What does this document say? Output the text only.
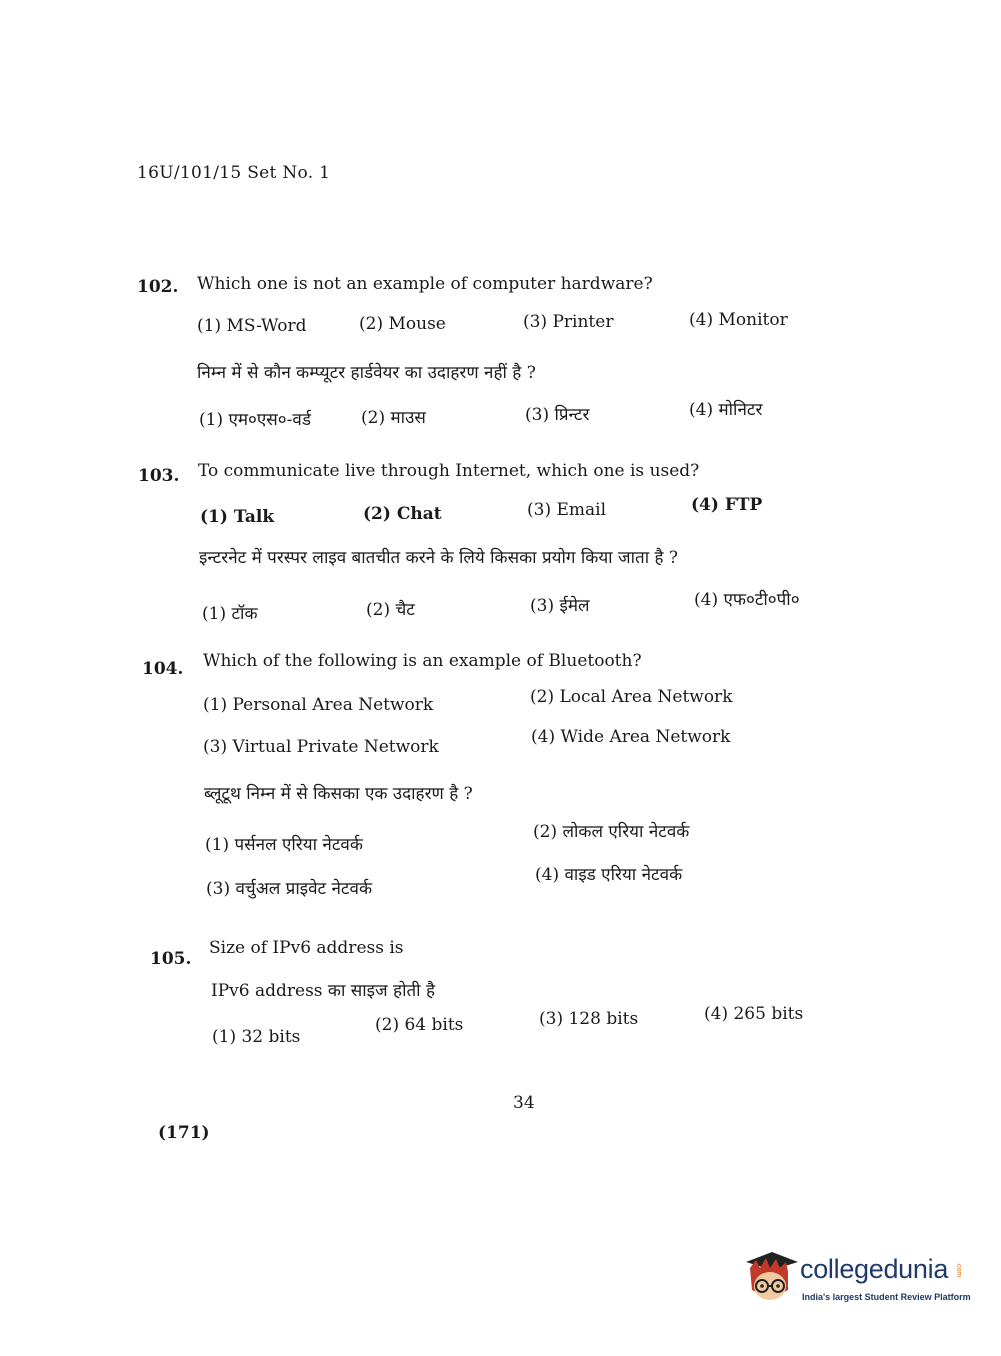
16U/101/15 Set No. 1
102. Which one is not an example of computer hardware?
(1) MS-Word	(2) Mouse	(3) Printer	(4) Monitor
निम्न में से कौन कम्प्यूटर हार्डवेयर का उदाहरण नहीं है ?
(1) एम०एस०-वर्ड	(2) माउस	(3) प्रिन्टर	(4) मोनिटर
103. To communicate live through Internet, which one is used?
(1) Talk	(2) Chat	(3) Email	(4) FTP
इन्टरनेट में परस्पर लाइव बातचीत करने के लिये किसका प्रयोग किया जाता है ?
(1) टॉक	(2) चैट	(3) ईमेल	(4) एफ०टी०पी०
104. Which of the following is an example of Bluetooth?
(1) Personal Area Network	(2) Local Area Network
(3) Virtual Private Network	(4) Wide Area Network
ब्लूटूथ निम्न में से किसका एक उदाहरण है ?
(1) पर्सनल एरिया नेटवर्क
(2) लोकल एरिया नेटवर्क
(3) वर्चुअल प्राइवेट नेटवर्क
(4) वाइड एरिया नेटवर्क
105.
Size of IPv6 address is
IPv6 address का साइज होती है
(1) 32 bits
(2) 64 bits	(3) 128 bits	(4) 265 bits
34
(171)
collegedunia .com
India's largest Student Review Platform
